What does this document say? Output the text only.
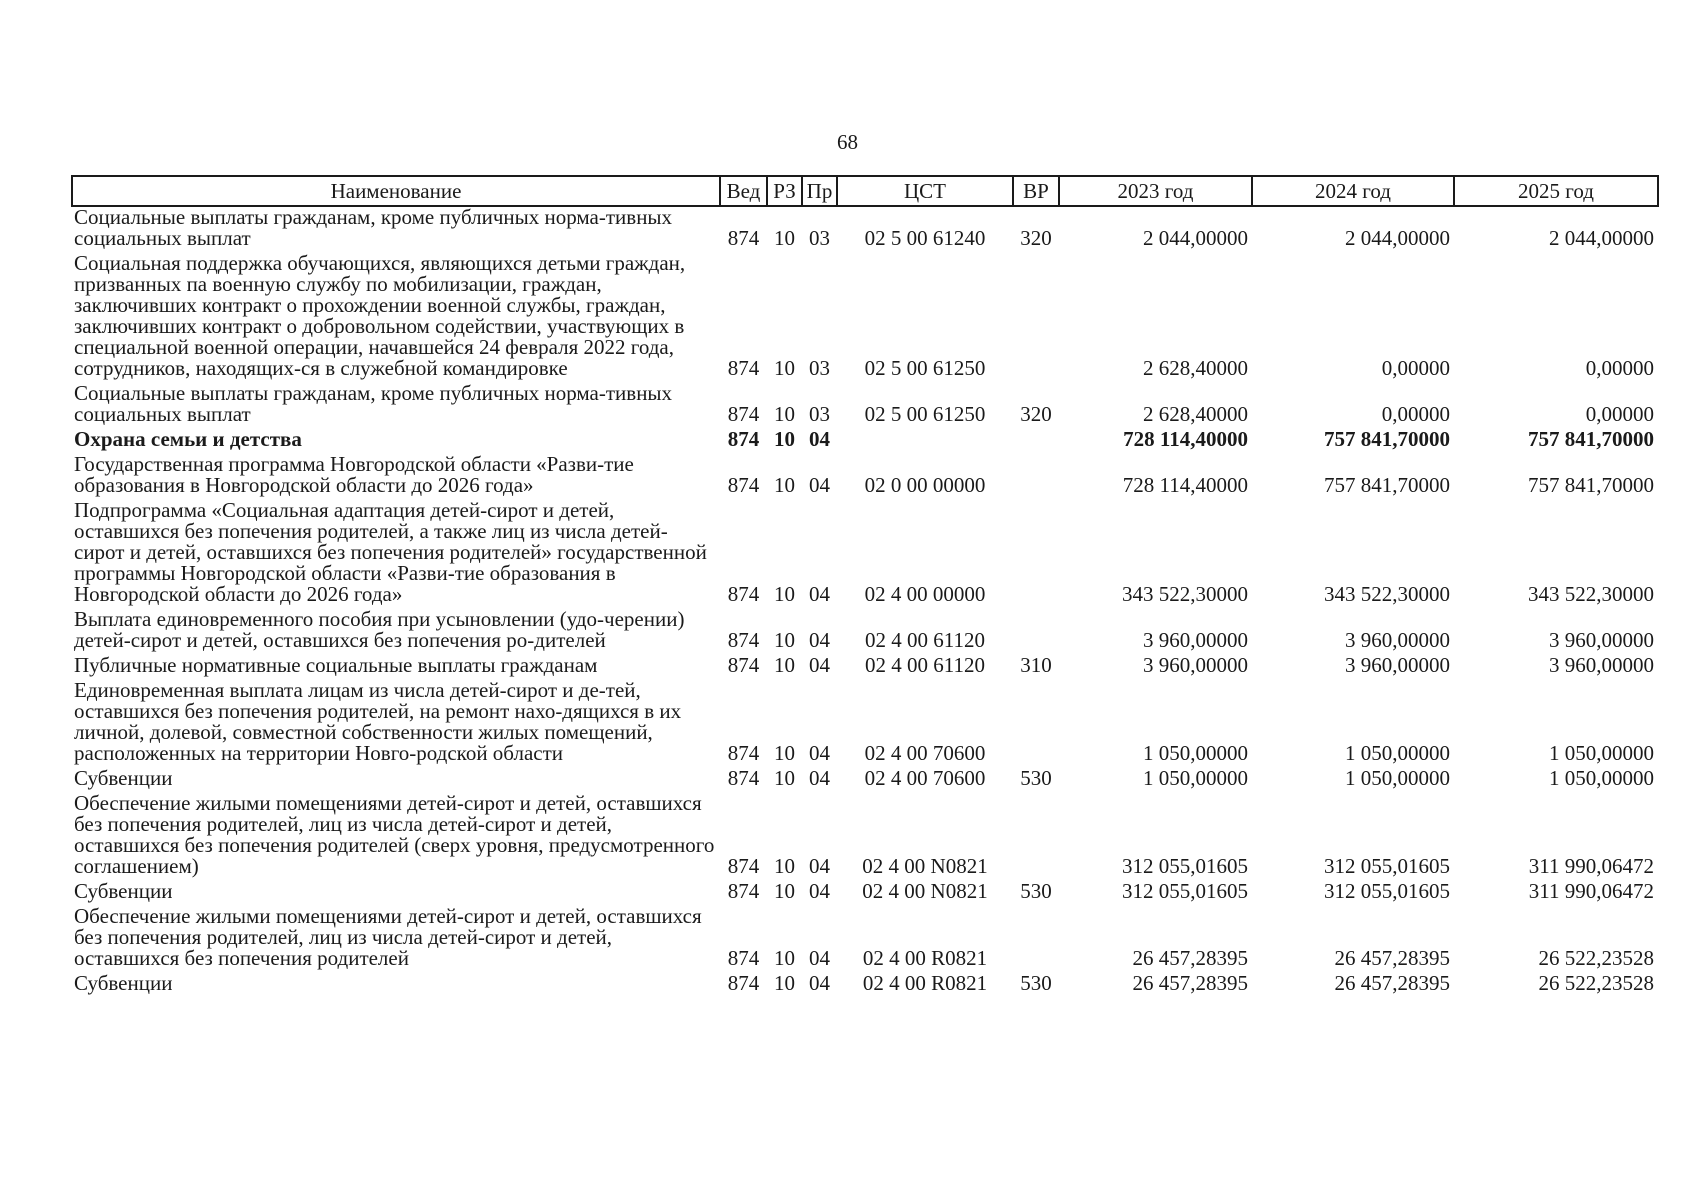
68
Наименование	Вед	РЗ	Пр	ЦСТ	ВР	2023 год	2024 год	2025 год
Социальные выплаты гражданам, кроме публичных норма-тивных социальных выплат	874	10	03	02 5 00 61240	320	2 044,00000	2 044,00000	2 044,00000
Социальная поддержка обучающихся, являющихся детьми граждан, призванных па военную службу по мобилизации, граждан, заключивших контракт о прохождении военной службы, граждан, заключивших контракт о добровольном содействии, участвующих в специальной военной операции, начавшейся 24 февраля 2022 года, сотрудников, находящих-ся в служебной командировке	874	10	03	02 5 00 61250		2 628,40000	0,00000	0,00000
Социальные выплаты гражданам, кроме публичных норма-тивных социальных выплат	874	10	03	02 5 00 61250	320	2 628,40000	0,00000	0,00000
Охрана семьи и детства	874	10	04			728 114,40000	757 841,70000	757 841,70000
Государственная программа Новгородской области «Разви-тие образования в Новгородской области до 2026 года»	874	10	04	02 0 00 00000		728 114,40000	757 841,70000	757 841,70000
Подпрограмма «Социальная адаптация детей-сирот и детей, оставшихся без попечения родителей, а также лиц из числа детей-сирот и детей, оставшихся без попечения родителей» государственной программы Новгородской области «Разви-тие образования в Новгородской области до 2026 года»	874	10	04	02 4 00 00000		343 522,30000	343 522,30000	343 522,30000
Выплата единовременного пособия при усыновлении (удо-черении) детей-сирот и детей, оставшихся без попечения ро-дителей	874	10	04	02 4 00 61120		3 960,00000	3 960,00000	3 960,00000
Публичные нормативные социальные выплаты гражданам	874	10	04	02 4 00 61120	310	3 960,00000	3 960,00000	3 960,00000
Единовременная выплата лицам из числа детей-сирот и де-тей, оставшихся без попечения родителей, на ремонт нахо-дящихся в их личной, долевой, совместной собственности жилых помещений, расположенных на территории Новго-родской области	874	10	04	02 4 00 70600		1 050,00000	1 050,00000	1 050,00000
Субвенции	874	10	04	02 4 00 70600	530	1 050,00000	1 050,00000	1 050,00000
Обеспечение жилыми помещениями детей-сирот и детей, оставшихся без попечения родителей, лиц из числа детей-сирот и детей, оставшихся без попечения родителей (сверх уровня, предусмотренного соглашением)	874	10	04	02 4 00 N0821		312 055,01605	312 055,01605	311 990,06472
Субвенции	874	10	04	02 4 00 N0821	530	312 055,01605	312 055,01605	311 990,06472
Обеспечение жилыми помещениями детей-сирот и детей, оставшихся без попечения родителей, лиц из числа детей-сирот и детей, оставшихся без попечения родителей	874	10	04	02 4 00 R0821		26 457,28395	26 457,28395	26 522,23528
Субвенции	874	10	04	02 4 00 R0821	530	26 457,28395	26 457,28395	26 522,23528
